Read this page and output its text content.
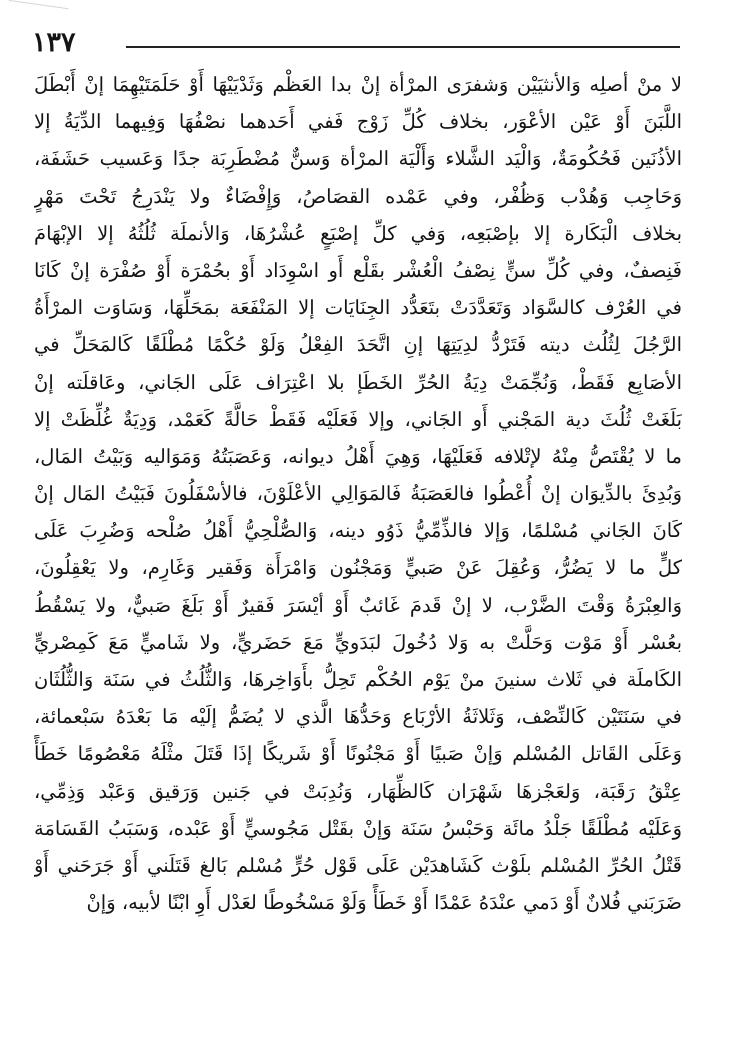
١٣٧
لا منْ أصلِه وَالأنثيَيْن وَشفرَى المرْأة إنْ بدا العَظْم وَثَدْيَيْهَا أَوْ حَلَمَتَيْهِمَا إنْ أَبْطَلَ
اللَّبَنَ أَوْ عَيْن الأعْوَر، بخلاف كُلِّ زَوْج فَفي أَحَدهما نصْفُهَا وَفِيهما الدِّيَةُ إلا
الأذُنَين فَحُكُومَةٌ، وَالْيَد الشَّلاء وَأَلْيَة المرْأة وَسنٌّ مُضْطَرِبَة جدًا وَعَسيب حَشَفَة،
وَحَاجِب وَهُدْب وَظُفْر، وفي عَمْده القصَاصُ، وَإِفْضَاءٌ ولا يَنْدَرِجُ تَحْتَ مَهْرٍ
بخلاف الْبَكَارة إلا بإصْبَعِه، وَفي كلِّ إصْبَعٍ عُشْرُهَا، وَالأنملَة ثُلُثُهُ إلا الإبْهَامَ
فَنِصفٌ، وفي كُلِّ سنٍّ نِصْفُ الْعُشْر بقَلْع أَو اسْوِدَاد أَوْ بحُمْرَة أَوْ صُفْرَة إنْ كَانَا
في العُرْف كالسَّوَاد وَتَعَدَّدَتْ بتَعَدُّد الجِنَايَات إلا المَنْفَعَة بمَحَلِّهَا، وَسَاوَت المرْأَةُ
الرَّجُلَ لِثُلُث ديته فَتَرْدُّ لدِيَتِهَا إنِ اتَّحَدَ الفِعْلُ وَلَوْ حُكْمًا مُطْلَقًا كَالمَحَلِّ في
الأصَابِع فَقَطْ، وَنُجِّمَتْ دِيَةُ الحُرِّ الخَطَإ بلا اعْتِرَاف عَلَى الجَاني، وعَاقلَته إنْ
بَلَغَتْ ثُلُثَ دية المَجْني أَو الجَاني، وإلا فَعَلَيْه فَقَطْ حَالَّةً كَعَمْد، وَدِيَةٌ غُلِّظَتْ إلا
ما لا يُقْتَصُّ مِنْهُ لإتْلافه فَعَلَيْهَا، وَهِيَ أَهْلُ ديوانه، وَعَصَبَتُهُ وَمَوَاليه وَبَيْتُ المَال،
وَبُدِئَ بالدِّيوَان إنْ أُعْطُوا فالعَصَبَةُ فَالمَوَالِي الأعْلَوْنَ، فالأسْفَلُونَ فَبَيْتُ المَال إنْ
كَانَ الجَاني مُسْلمًا، وَإلا فالذِّمِّيُّ ذَوُو دينه، وَالصُّلْحِيُّ أَهْلُ صُلْحه وَضُرِبَ عَلَى
كلٍّ ما لا يَضُرُّ، وَعُقِلَ عَنْ صَبيٍّ وَمَجْنُون وَامْرَأَة وَفَقير وَغَارِم، ولا يَعْقِلُونَ،
وَالعِبْرَةُ وَقْتَ الضَّرْب، لا إنْ قَدمَ غَائبٌ أَوْ أيْسَرَ فَقيرٌ أَوْ بَلَغَ صَبيٌّ، ولا يَسْقُطُ
بعُسْر أَوْ مَوْت وَحَلَّتْ به وَلا دُخُولَ لبَدَويٍّ مَعَ حَضَريٍّ، ولا شَاميٍّ مَعَ كَمِصْريٍّ
الكَاملَة في ثَلاث سنينَ منْ يَوْم الحُكْم تَحِلُّ بأَوَاخِرهَا، وَالثُّلُثُ في سَنَة وَالثُّلُثَان
في سَنَتَيْن كَالنِّصْف، وَثَلاثَةُ الأرْبَاع وَحَدُّهَا الَّذي لا يُضَمُّ إلَيْه مَا بَعْدَهُ سَبْعمائة،
وَعَلَى القَاتل المُسْلم وَإنْ صَبيًا أَوْ مَجْنُونًا أَوْ شَريكًا إذَا قَتَلَ مثْلَهُ مَعْصُومًا خَطَأً
عِتْقُ رَقَبَة، وَلعَجْزهَا شَهْرَان كَالظِّهَار، وَنُدِبَتْ في جَنين وَرَقيق وَعَبْد وَذِمِّي،
وَعَلَيْه مُطْلَقًا جَلْدُ مائَة وَحَبْسُ سَنَة وَإنْ بقَتْل مَجُوسيٍّ أَوْ عَبْده، وَسَبَبُ القَسَامَة
قَتْلُ الحُرِّ المُسْلم بلَوْث كَشَاهدَيْن عَلَى قَوْل حُرٍّ مُسْلم بَالغ قَتَلَني أَوْ جَرَحَني أَوْ
ضَرَبَني فُلانٌ أَوْ دَمي عنْدَهُ عَمْدًا أَوْ خَطَأً وَلَوْ مَسْخُوطًا لعَدْل أَوِ ابْنًا لأبيه، وَإنْ
